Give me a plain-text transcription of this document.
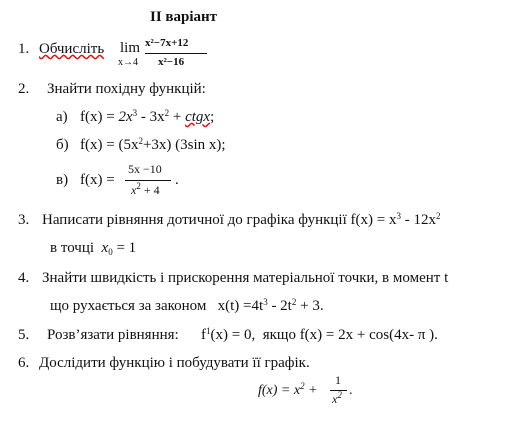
II варіант
1. Обчисліть lim
x→4
x²−7x+12
x²−16
2. Знайти похідну функцій:
а) $f(x) = 2x^3 - 3x^2$ + ctgx;
б) $f(x) = (5x^2+3x)$ (3sin x);
в) f(x) =
5x −10
$x^2 + 4$
.
3. Написати рівняння дотичної до графіка функції $f(x) = x^3 - 12x^2$
в точці $x_0 = 1$
4. Знайти швидкість і прискорення матеріальної точки, в момент t
що рухається за законом $x(t) =4t^3 - 2t^2 + 3$.
5. Розв’язати рівняння: $f^1(x) = 0$, якщо f(x) = 2x + cos(4x- π ).
6. Дослідити функцію і побудувати її графік.
$f(x) = x^2$ +
1
$x^2$ .
